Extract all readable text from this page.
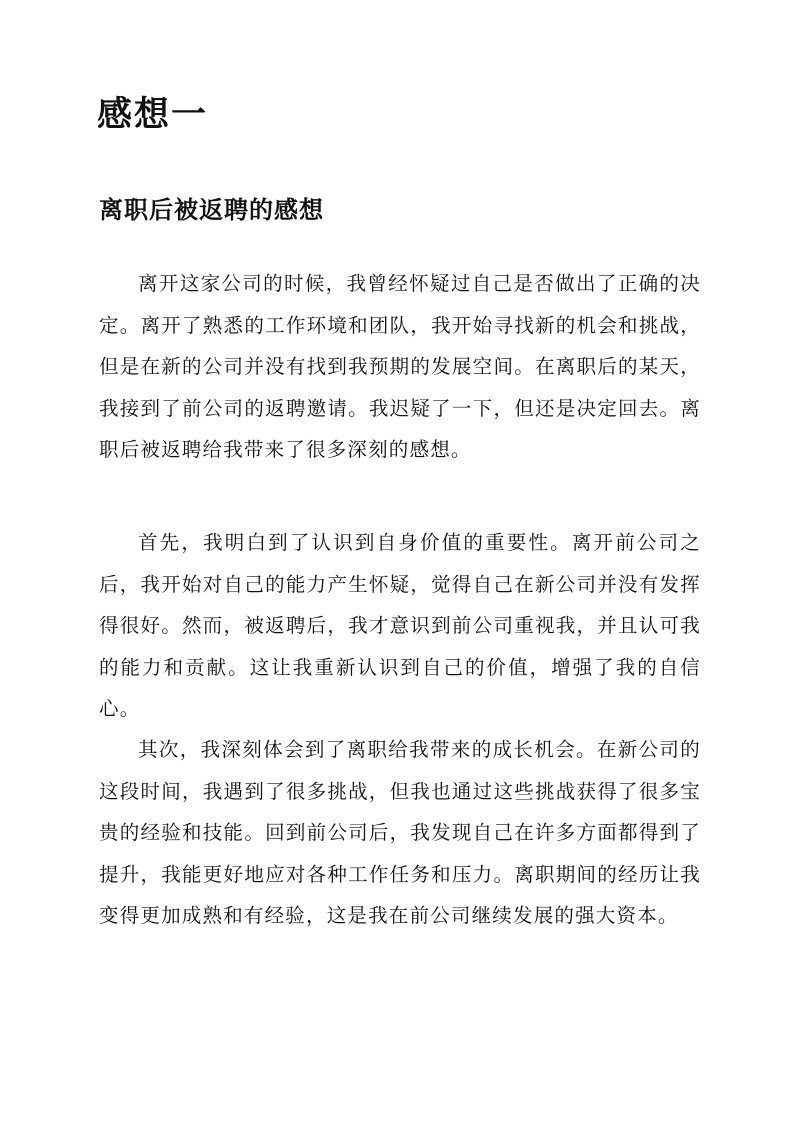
感想一
离职后被返聘的感想

离开这家公司的时候，我曾经怀疑过自己是否做出了正确的决定。离开了熟悉的工作环境和团队，我开始寻找新的机会和挑战，但是在新的公司并没有找到我预期的发展空间。在离职后的某天，我接到了前公司的返聘邀请。我迟疑了一下，但还是决定回去。离职后被返聘给我带来了很多深刻的感想。

首先，我明白到了认识到自身价值的重要性。离开前公司之后，我开始对自己的能力产生怀疑，觉得自己在新公司并没有发挥得很好。然而，被返聘后，我才意识到前公司重视我，并且认可我的能力和贡献。这让我重新认识到自己的价值，增强了我的自信心。

其次，我深刻体会到了离职给我带来的成长机会。在新公司的这段时间，我遇到了很多挑战，但我也通过这些挑战获得了很多宝贵的经验和技能。回到前公司后，我发现自己在许多方面都得到了提升，我能更好地应对各种工作任务和压力。离职期间的经历让我变得更加成熟和有经验，这是我在前公司继续发展的强大资本。
